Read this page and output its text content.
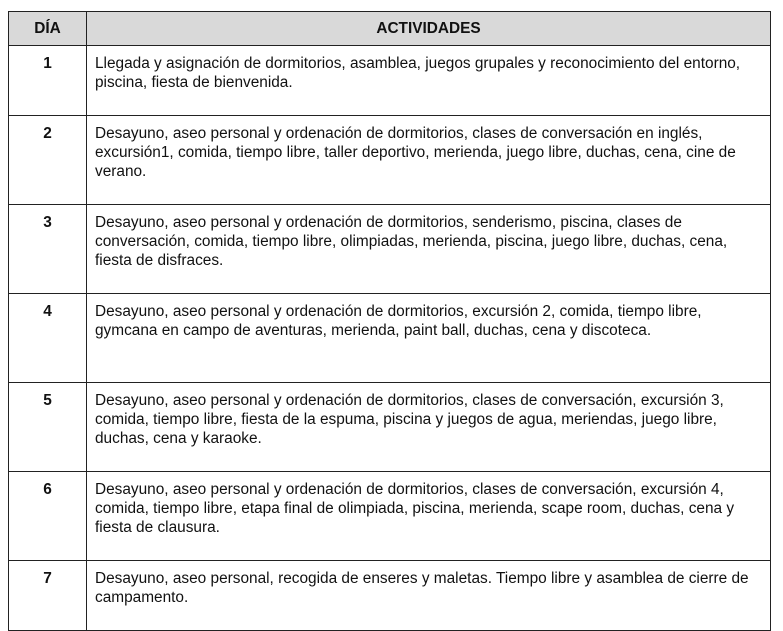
DÍA	ACTIVIDADES
1	Llegada y asignación de dormitorios, asamblea, juegos grupales y reconocimiento del entorno, piscina, fiesta de bienvenida.
2	Desayuno, aseo personal y ordenación de dormitorios, clases de conversación en inglés, excursión1, comida, tiempo libre, taller deportivo, merienda, juego libre, duchas, cena, cine de verano.
3	Desayuno, aseo personal y ordenación de dormitorios, senderismo, piscina, clases de conversación, comida, tiempo libre, olimpiadas, merienda, piscina, juego libre, duchas, cena, fiesta de disfraces.
4	Desayuno, aseo personal y ordenación de dormitorios, excursión 2, comida, tiempo libre, gymcana en campo de aventuras, merienda, paint ball, duchas, cena y discoteca.
5	Desayuno, aseo personal y ordenación de dormitorios, clases de conversación, excursión 3, comida, tiempo libre, fiesta de la espuma, piscina y juegos de agua, meriendas, juego libre, duchas, cena y karaoke.
6	Desayuno, aseo personal y ordenación de dormitorios, clases de conversación, excursión 4, comida, tiempo libre, etapa final de olimpiada, piscina, merienda, scape room, duchas, cena y fiesta de clausura.
7	Desayuno, aseo personal, recogida de enseres y maletas. Tiempo libre y asamblea de cierre de campamento.
